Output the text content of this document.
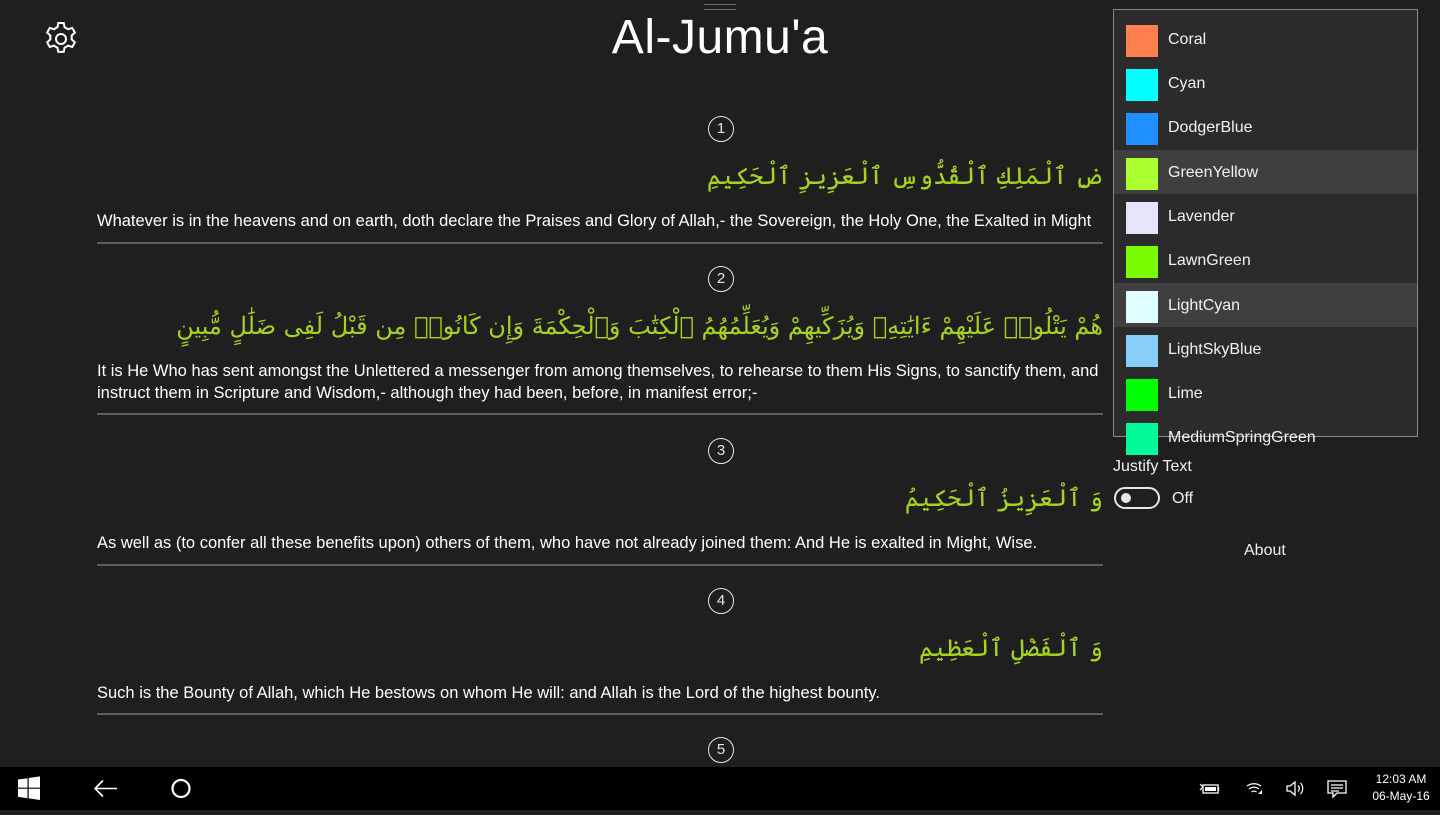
Al-Jumu'a
1
ضِ ٱلْمَلِكِ ٱلْقُدُّوسِ ٱلْعَزِيزِ ٱلْحَكِيمِ
Whatever is in the heavens and on earth, doth declare the Praises and Glory of Allah,- the Sovereign, the Holy One, the Exalted in Might
2
هُمْ يَتْلُوا۟ عَلَيْهِمْ ءَايَٰتِهِۦ وَيُزَكِّيهِمْ وَيُعَلِّمُهُمُ ٱلْكِتَٰبَ وَٱلْحِكْمَةَ وَإِن كَانُوا۟ مِن قَبْلُ لَفِى ضَلَٰلٍ مُّبِينٍ
It is He Who has sent amongst the Unlettered a messenger from among themselves, to rehearse to them His Signs, to sanctify them, and instruct them in Scripture and Wisdom,- although they had been, before, in manifest error;-
3
وَ ٱلْعَزِيزُ ٱلْحَكِيمُ
As well as (to confer all these benefits upon) others of them, who have not already joined them: And He is exalted in Might, Wise.
4
وَ ٱلْفَضْلِ ٱلْعَظِيمِ
Such is the Bounty of Allah, which He bestows on whom He will: and Allah is the Lord of the highest bounty.
5
Coral
Cyan
DodgerBlue
GreenYellow
Lavender
LawnGreen
LightCyan
LightSkyBlue
Lime
MediumSpringGreen
Justify Text
Off
About
12:03 AM
06-May-16
